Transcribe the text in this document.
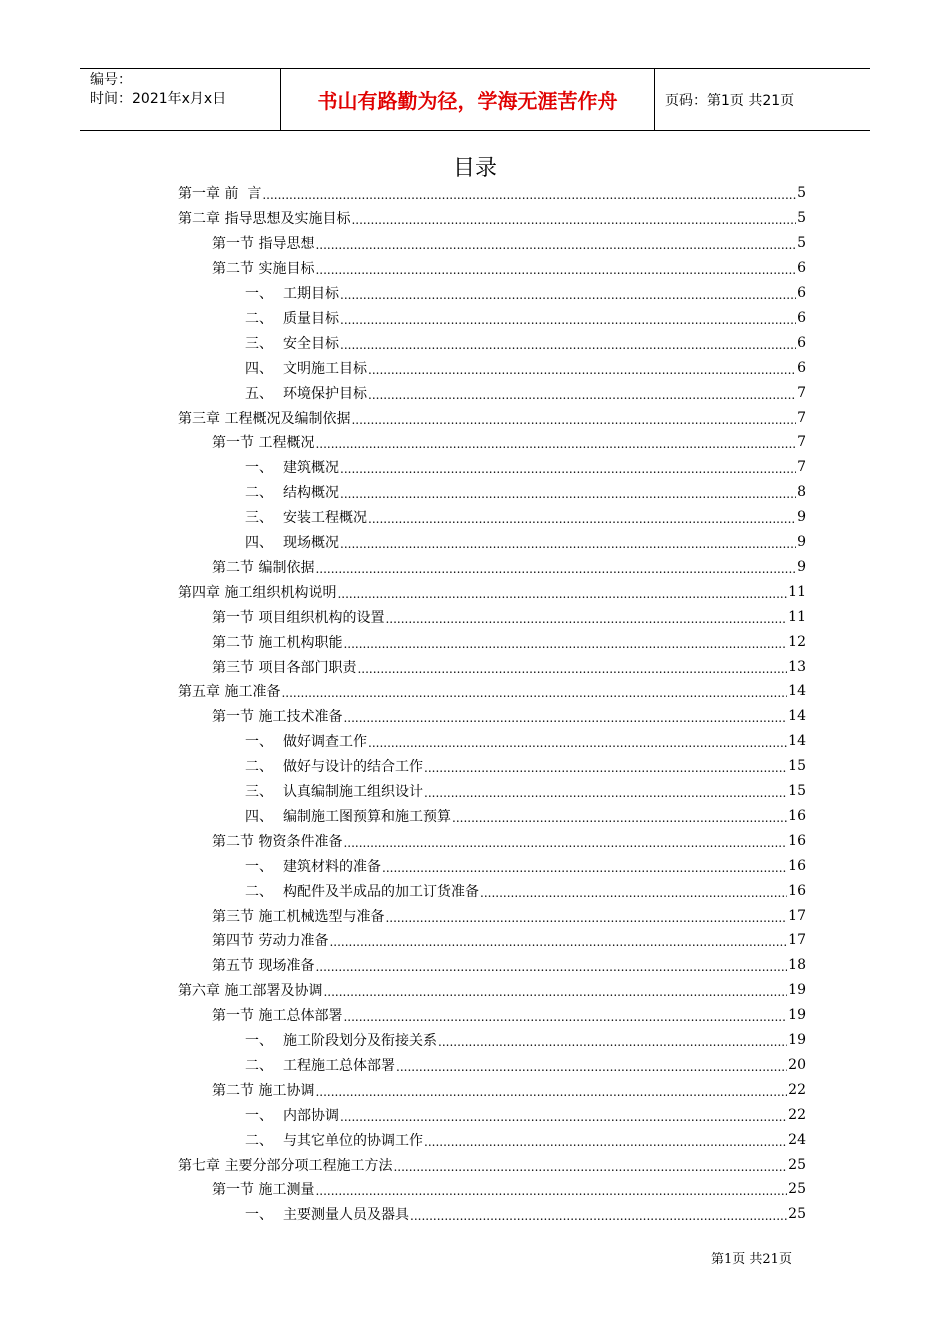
编号：
时间：2021年x月x日	书山有路勤为径，学海无涯苦作舟	页码：第1页 共21页
目录
第一章 前  言 .....	5
第二章 指导思想及实施目标 .....	5
第一节 指导思想 .....	5
第二节 实施目标 .....	6
一、 工期目标 .....	6
二、 质量目标 .....	6
三、 安全目标 .....	6
四、 文明施工目标 .....	6
五、 环境保护目标 .....	7
第三章 工程概况及编制依据 .....	7
第一节 工程概况 .....	7
一、 建筑概况 .....	7
二、 结构概况 .....	8
三、 安装工程概况 .....	9
四、 现场概况 .....	9
第二节 编制依据 .....	9
第四章 施工组织机构说明 .....	11
第一节 项目组织机构的设置 .....	11
第二节 施工机构职能 .....	12
第三节 项目各部门职责 .....	13
第五章 施工准备 .....	14
第一节 施工技术准备 .....	14
一、 做好调查工作 .....	14
二、 做好与设计的结合工作 .....	15
三、 认真编制施工组织设计 .....	15
四、 编制施工图预算和施工预算 .....	16
第二节 物资条件准备 .....	16
一、 建筑材料的准备 .....	16
二、 构配件及半成品的加工订货准备 .....	16
第三节 施工机械选型与准备 .....	17
第四节 劳动力准备 .....	17
第五节 现场准备 .....	18
第六章 施工部署及协调 .....	19
第一节 施工总体部署 .....	19
一、 施工阶段划分及衔接关系 .....	19
二、 工程施工总体部署 .....	20
第二节 施工协调 .....	22
一、 内部协调 .....	22
二、 与其它单位的协调工作 .....	24
第七章 主要分部分项工程施工方法 .....	25
第一节 施工测量 .....	25
一、 主要测量人员及器具 .....	25
第1页 共21页
